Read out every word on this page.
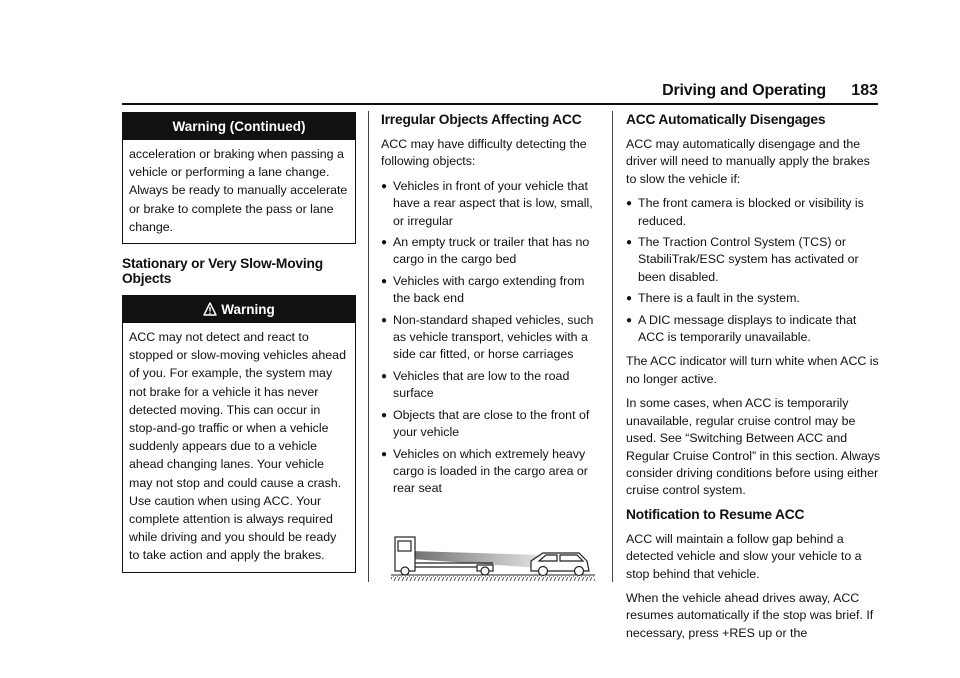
Driving and Operating 183
Warning (Continued)
acceleration or braking when passing a vehicle or performing a lane change. Always be ready to manually accelerate or brake to complete the pass or lane change.
Stationary or Very Slow-Moving Objects
Warning
ACC may not detect and react to stopped or slow-moving vehicles ahead of you. For example, the system may not brake for a vehicle it has never detected moving. This can occur in stop-and-go traffic or when a vehicle suddenly appears due to a vehicle ahead changing lanes. Your vehicle may not stop and could cause a crash. Use caution when using ACC. Your complete attention is always required while driving and you should be ready to take action and apply the brakes.
Irregular Objects Affecting ACC

ACC may have difficulty detecting the following objects:

● Vehicles in front of your vehicle that have a rear aspect that is low, small, or irregular
● An empty truck or trailer that has no cargo in the cargo bed
● Vehicles with cargo extending from the back end
● Non-standard shaped vehicles, such as vehicle transport, vehicles with a side car fitted, or horse carriages
● Vehicles that are low to the road surface
● Objects that are close to the front of your vehicle
● Vehicles on which extremely heavy cargo is loaded in the cargo area or rear seat
ACC Automatically Disengages

ACC may automatically disengage and the driver will need to manually apply the brakes to slow the vehicle if:

● The front camera is blocked or visibility is reduced.
● The Traction Control System (TCS) or StabiliTrak/ESC system has activated or been disabled.
● There is a fault in the system.
● A DIC message displays to indicate that ACC is temporarily unavailable.

The ACC indicator will turn white when ACC is no longer active.

In some cases, when ACC is temporarily unavailable, regular cruise control may be used. See “Switching Between ACC and Regular Cruise Control” in this section. Always consider driving conditions before using either cruise control system.

Notification to Resume ACC

ACC will maintain a follow gap behind a detected vehicle and slow your vehicle to a stop behind that vehicle.

When the vehicle ahead drives away, ACC resumes automatically if the stop was brief. If necessary, press +RES up or the
